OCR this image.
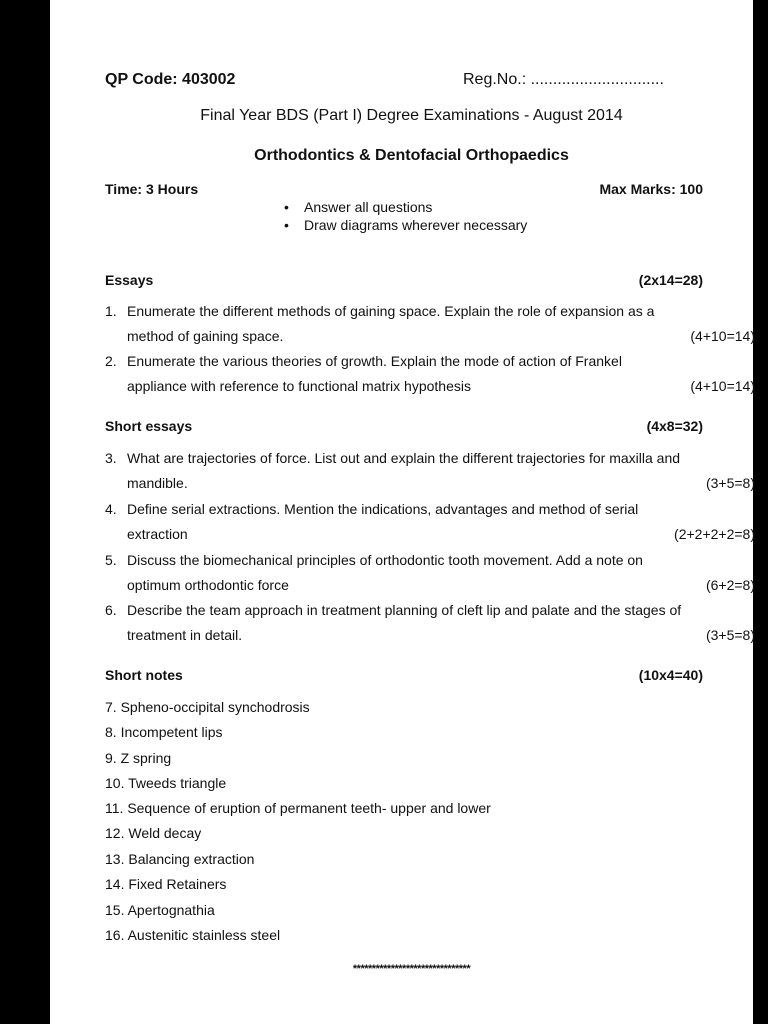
QP Code: 403002	Reg.No.: ..............................
Final Year BDS (Part I) Degree Examinations - August 2014
Orthodontics & Dentofacial Orthopaedics
Time: 3 Hours	Max Marks: 100
• Answer all questions
• Draw diagrams wherever necessary
Essays	(2x14=28)
1. Enumerate the different methods of gaining space. Explain the role of expansion as a
method of gaining space.	(4+10=14)
2. Enumerate the various theories of growth. Explain the mode of action of Frankel
appliance with reference to functional matrix hypothesis	(4+10=14)
Short essays	(4x8=32)
3. What are trajectories of force. List out and explain the different trajectories for maxilla and
mandible.	(3+5=8)
4. Define serial extractions. Mention the indications, advantages and method of serial
extraction	(2+2+2+2=8)
5. Discuss the biomechanical principles of orthodontic tooth movement. Add a note on
optimum orthodontic force	(6+2=8)
6. Describe the team approach in treatment planning of cleft lip and palate and the stages of
treatment in detail.	(3+5=8)
Short notes	(10x4=40)
7. Spheno-occipital synchodrosis
8. Incompetent lips
9. Z spring
10. Tweeds triangle
11. Sequence of eruption of permanent teeth- upper and lower
12. Weld decay
13. Balancing extraction
14. Fixed Retainers
15. Apertognathia
16. Austenitic stainless steel
*******************************
